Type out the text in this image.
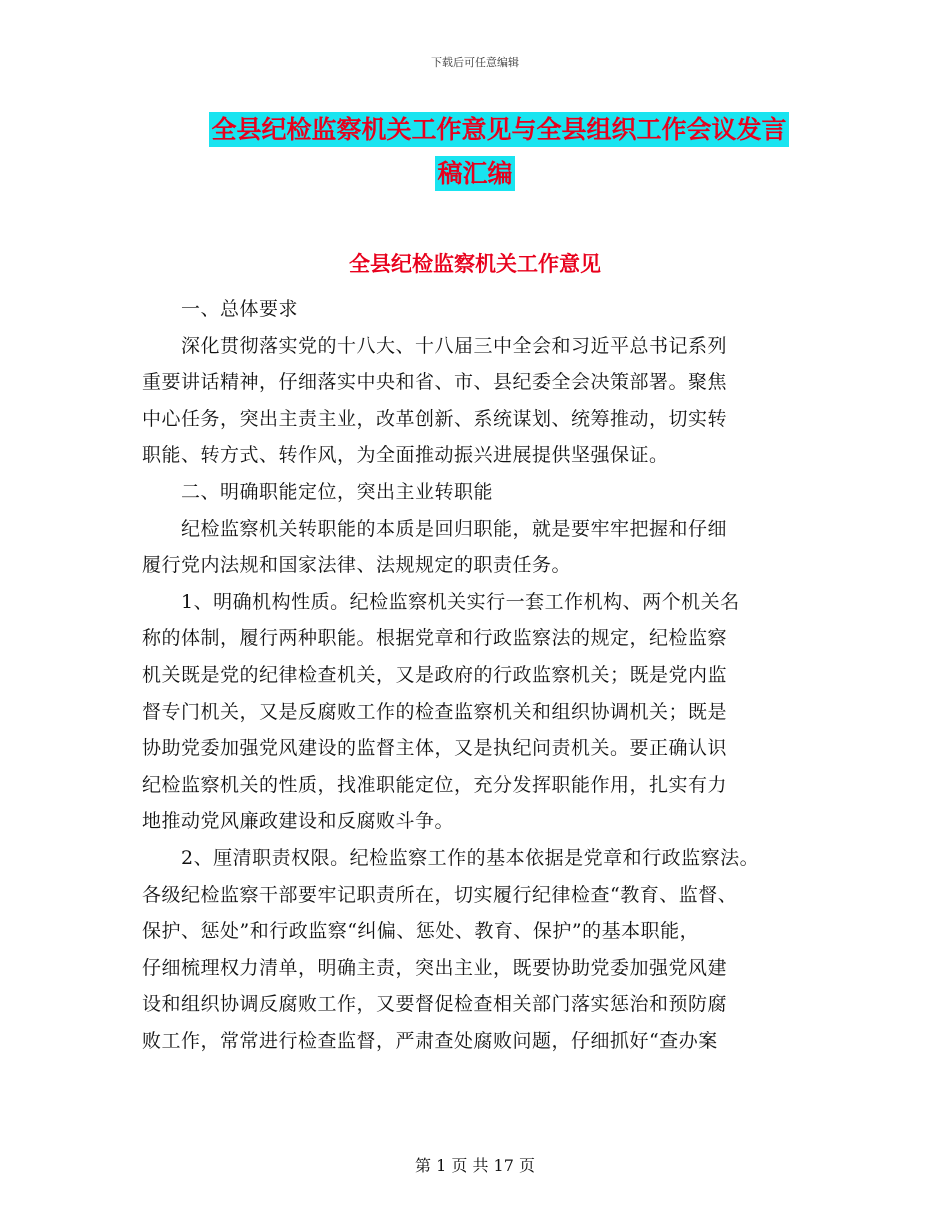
下载后可任意编辑
全县纪检监察机关工作意见与全县组织工作会议发言
稿汇编
全县纪检监察机关工作意见
　　一、总体要求
　　深化贯彻落实党的十八大、十八届三中全会和习近平总书记系列
重要讲话精神，仔细落实中央和省、市、县纪委全会决策部署。聚焦
中心任务，突出主责主业，改革创新、系统谋划、统筹推动，切实转
职能、转方式、转作风，为全面推动振兴进展提供坚强保证。
　　二、明确职能定位，突出主业转职能
　　纪检监察机关转职能的本质是回归职能，就是要牢牢把握和仔细
履行党内法规和国家法律、法规规定的职责任务。
　　1、明确机构性质。纪检监察机关实行一套工作机构、两个机关名
称的体制，履行两种职能。根据党章和行政监察法的规定，纪检监察
机关既是党的纪律检查机关，又是政府的行政监察机关；既是党内监
督专门机关，又是反腐败工作的检查监察机关和组织协调机关；既是
协助党委加强党风建设的监督主体，又是执纪问责机关。要正确认识
纪检监察机关的性质，找准职能定位，充分发挥职能作用，扎实有力
地推动党风廉政建设和反腐败斗争。
　　2、厘清职责权限。纪检监察工作的基本依据是党章和行政监察法。
各级纪检监察干部要牢记职责所在，切实履行纪律检查“教育、监督、
保护、惩处”和行政监察“纠偏、惩处、教育、保护”的基本职能，
仔细梳理权力清单，明确主责，突出主业，既要协助党委加强党风建
设和组织协调反腐败工作，又要督促检查相关部门落实惩治和预防腐
败工作，常常进行检查监督，严肃查处腐败问题，仔细抓好“查办案
第 1 页 共 17 页
